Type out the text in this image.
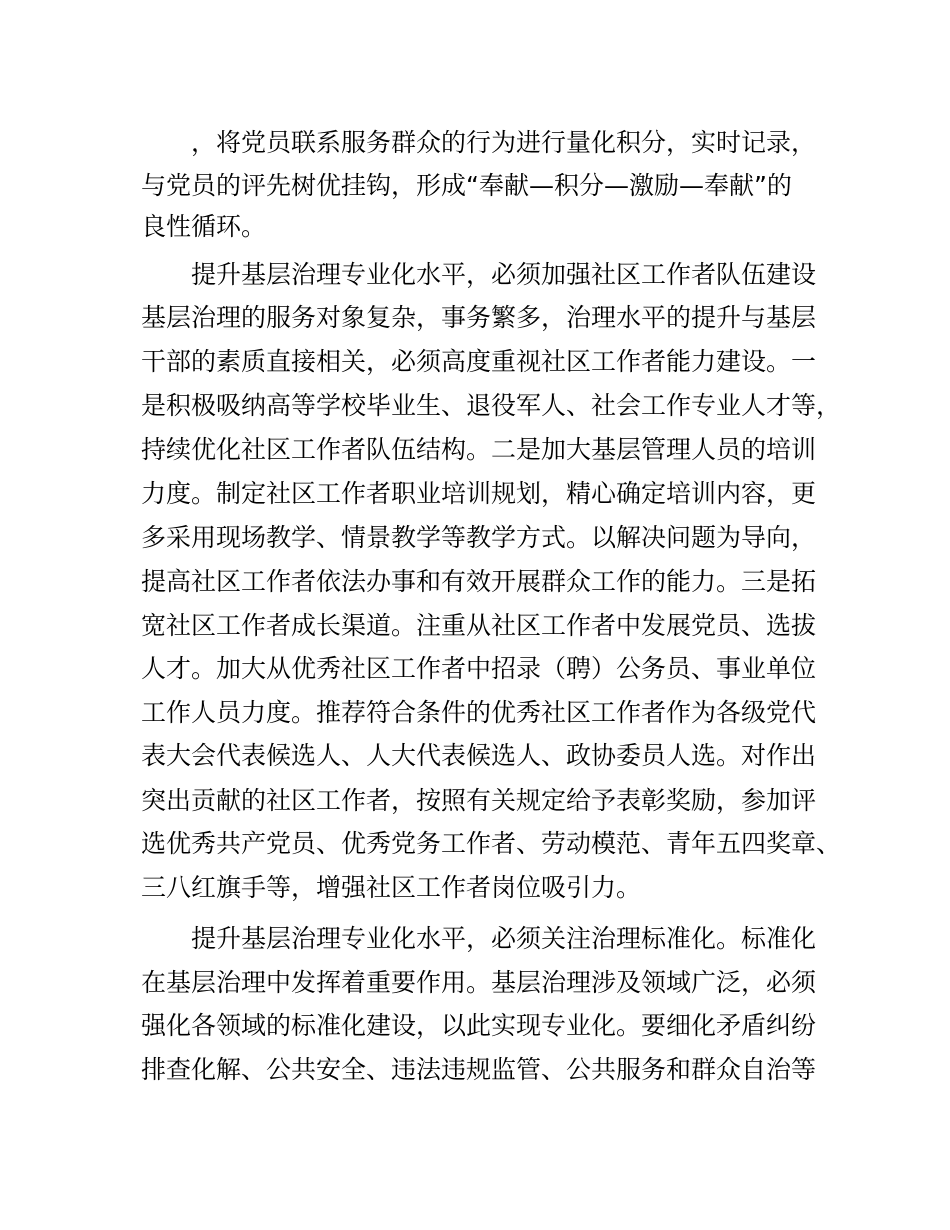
，将党员联系服务群众的行为进行量化积分，实时记录，
与党员的评先树优挂钩，形成“奉献—积分—激励—奉献”的
良性循环。
提升基层治理专业化水平，必须加强社区工作者队伍建设
基层治理的服务对象复杂，事务繁多，治理水平的提升与基层
干部的素质直接相关，必须高度重视社区工作者能力建设。一
是积极吸纳高等学校毕业生、退役军人、社会工作专业人才等，
持续优化社区工作者队伍结构。二是加大基层管理人员的培训
力度。制定社区工作者职业培训规划，精心确定培训内容，更
多采用现场教学、情景教学等教学方式。以解决问题为导向，
提高社区工作者依法办事和有效开展群众工作的能力。三是拓
宽社区工作者成长渠道。注重从社区工作者中发展党员、选拔
人才。加大从优秀社区工作者中招录（聘）公务员、事业单位
工作人员力度。推荐符合条件的优秀社区工作者作为各级党代
表大会代表候选人、人大代表候选人、政协委员人选。对作出
突出贡献的社区工作者，按照有关规定给予表彰奖励，参加评
选优秀共产党员、优秀党务工作者、劳动模范、青年五四奖章、
三八红旗手等，增强社区工作者岗位吸引力。
提升基层治理专业化水平，必须关注治理标准化。标准化
在基层治理中发挥着重要作用。基层治理涉及领域广泛，必须
强化各领域的标准化建设，以此实现专业化。要细化矛盾纠纷
排查化解、公共安全、违法违规监管、公共服务和群众自治等
